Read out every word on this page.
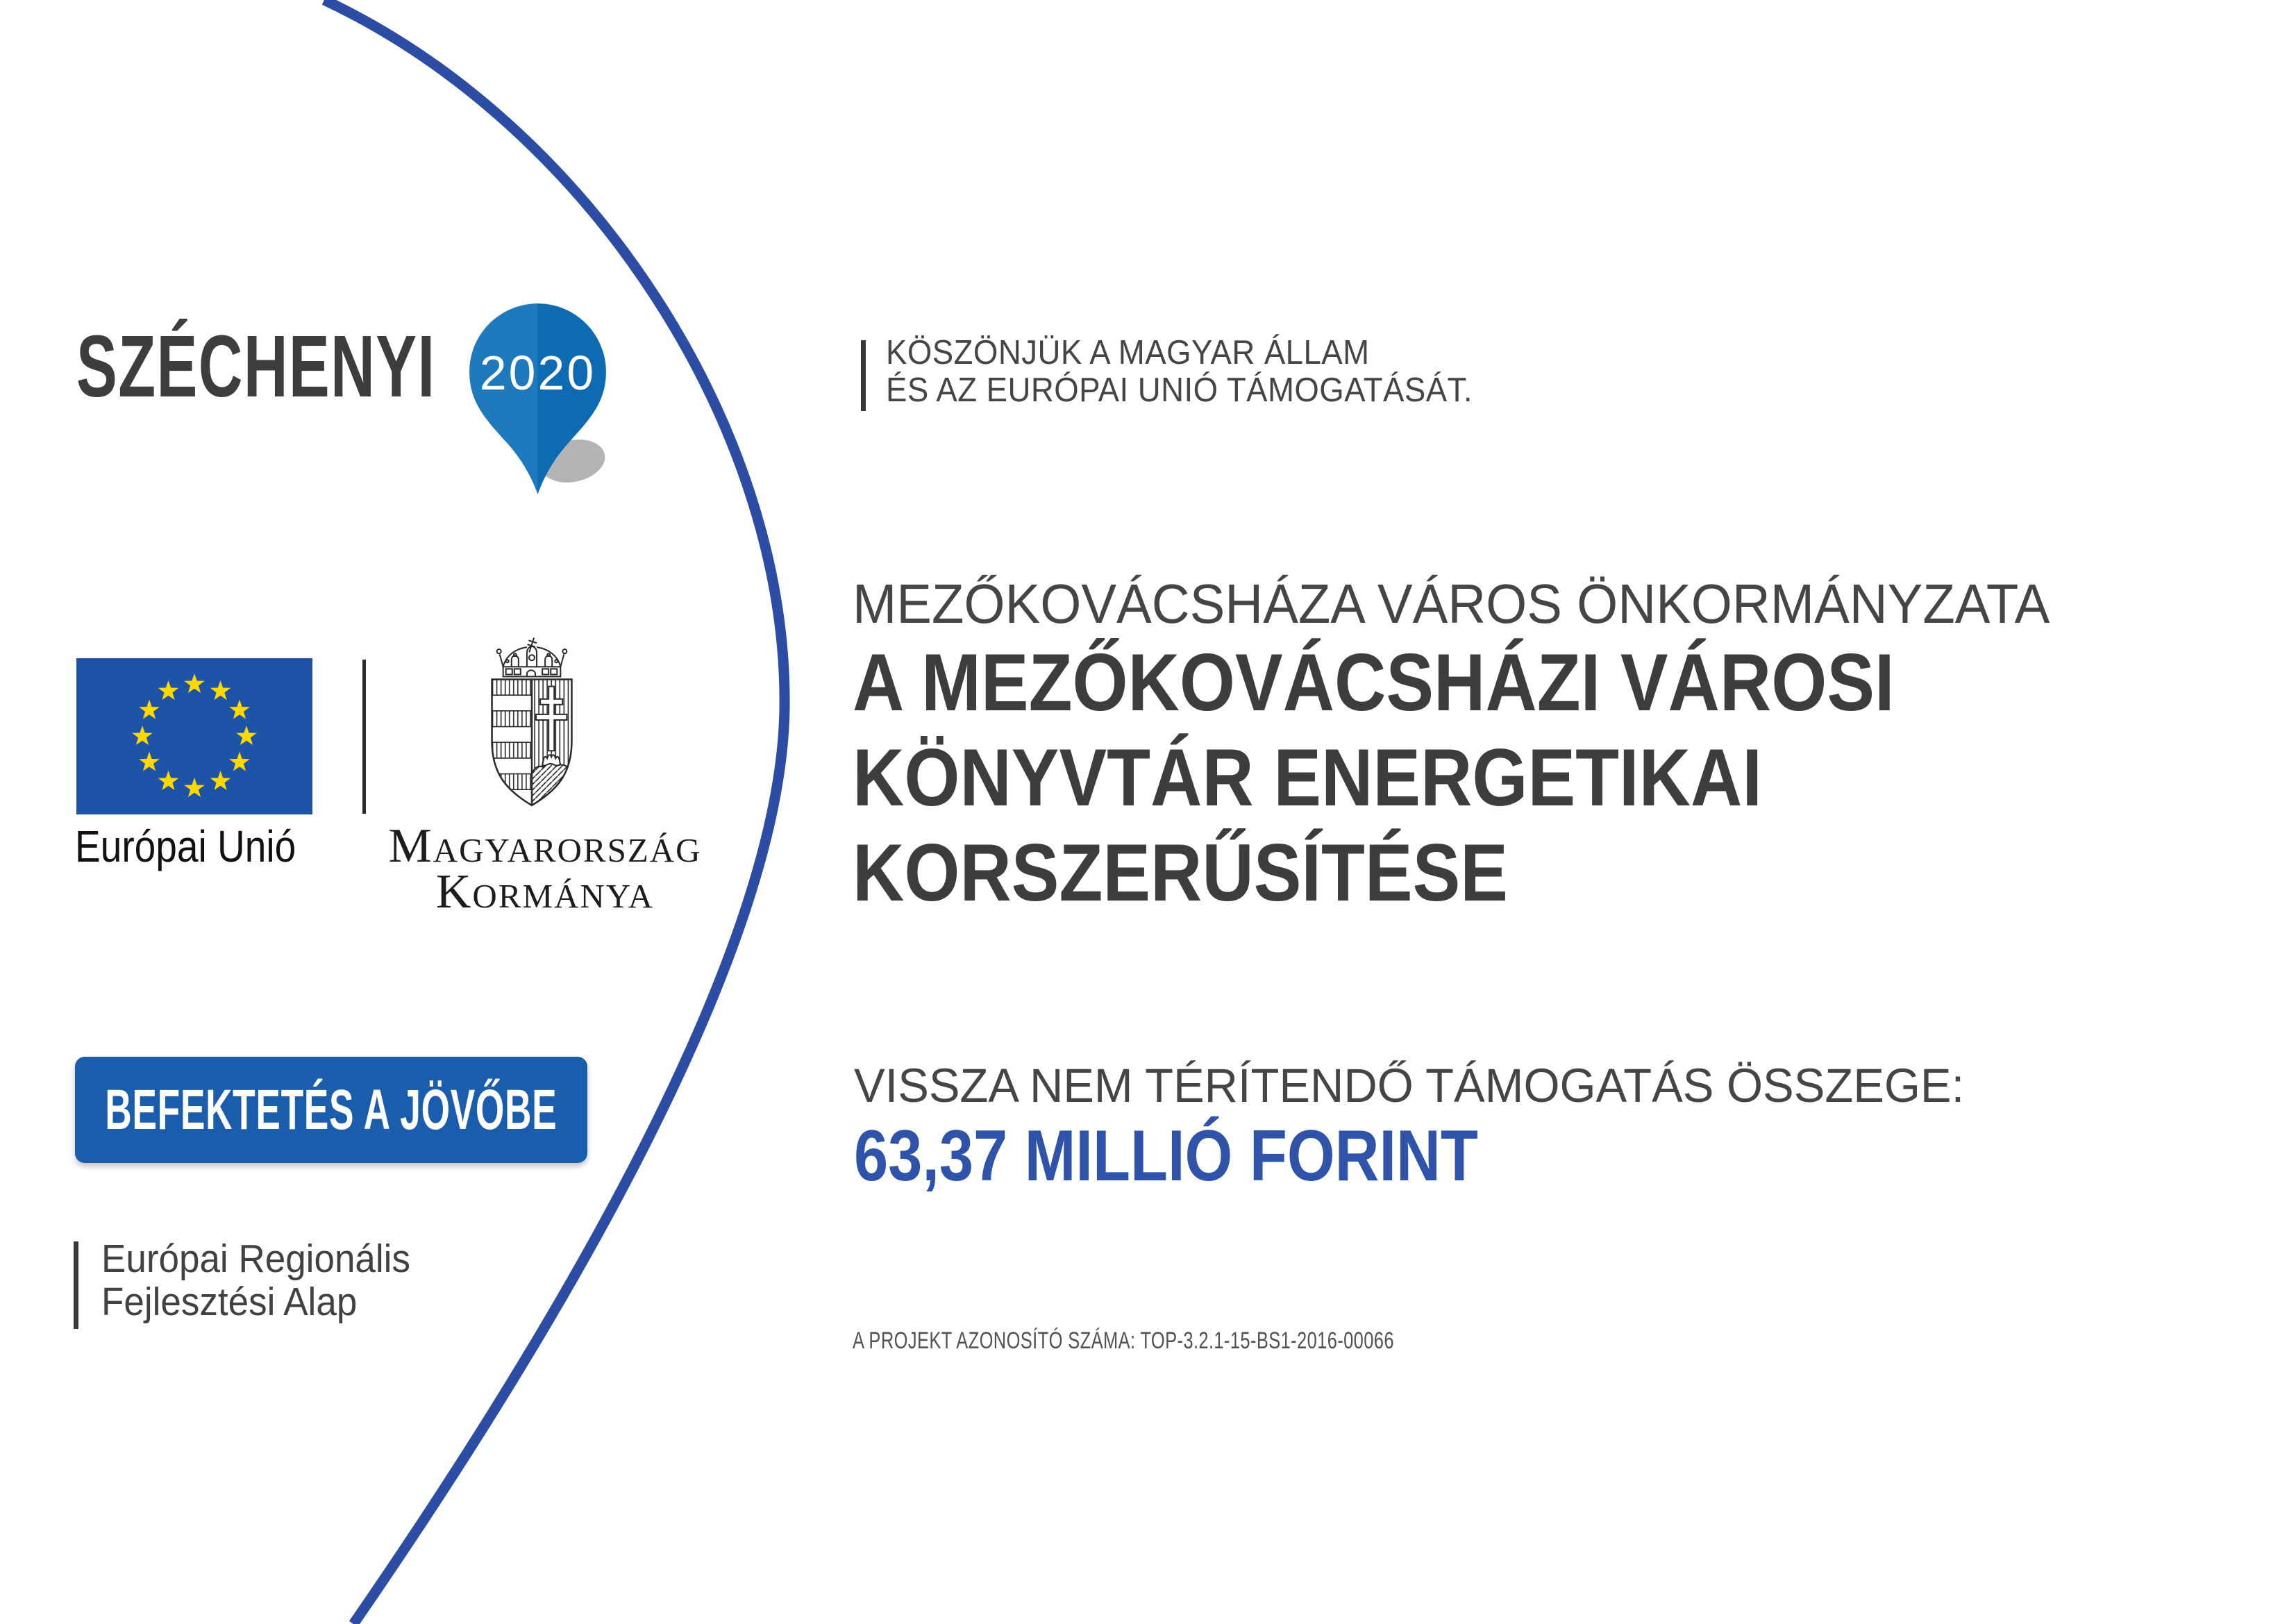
SZÉCHENYI 2020	KÖSZÖNJÜK A MAGYAR ÁLLAM
ÉS AZ EURÓPAI UNIÓ TÁMOGATÁSÁT.
MEZŐKOVÁCSHÁZA VÁROS ÖNKORMÁNYZATA
A MEZŐKOVÁCSHÁZI VÁROSI
KÖNYVTÁR ENERGETIKAI
KORSZERŰSÍTÉSE
Európai Unió Magyarország
Kormánya
BEFEKTETÉS A JÖVŐBE
Európai Regionális
Fejlesztési Alap
VISSZA NEM TÉRÍTENDŐ TÁMOGATÁS ÖSSZEGE:
63,37 MILLIÓ FORINT
A PROJEKT AZONOSÍTÓ SZÁMA: TOP-3.2.1-15-BS1-2016-00066
